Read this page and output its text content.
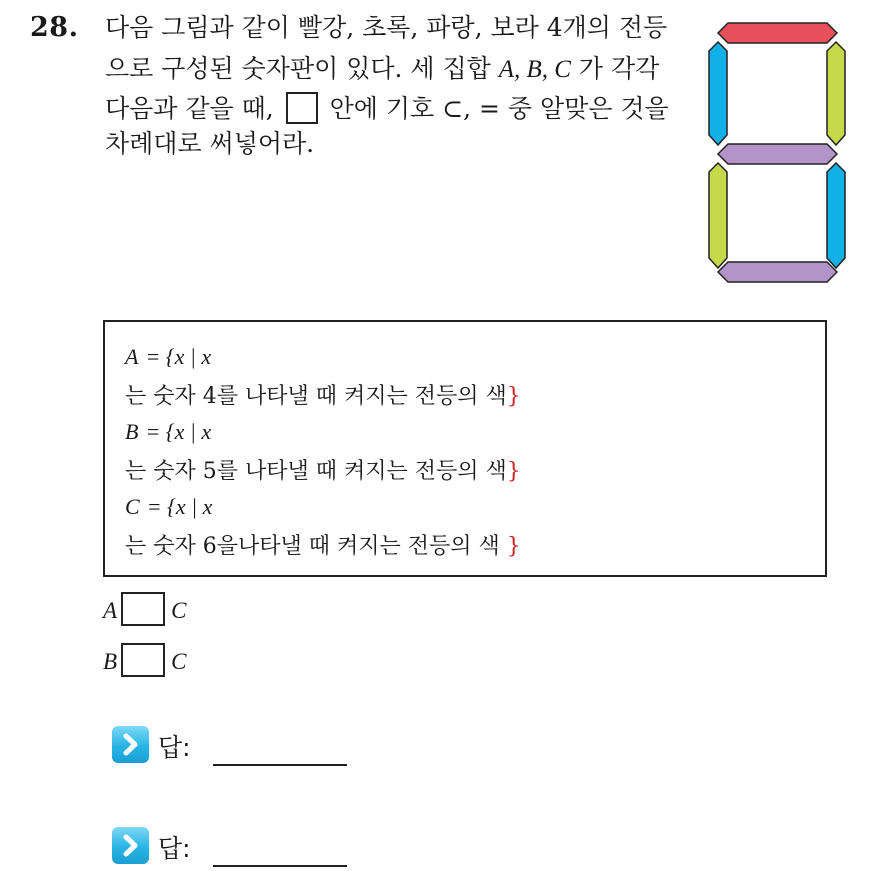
28. 다음 그림과 같이 빨강, 초록, 파랑, 보라 4개의 전등
으로 구성된 숫자판이 있다. 세 집합 A, B, C 가 각각
다음과 같을 때,  안에 기호 ⊂, = 중 알맞은 것을
차례대로 써넣어라.
A = {x | x
는 숫자 4를 나타낼 때 켜지는 전등의 색}
B = {x | x
는 숫자 5를 나타낼 때 켜지는 전등의 색}
C = {x | x
는 숫자 6을나타낼 때 켜지는 전등의 색 }
A C
B C
답:
답:
